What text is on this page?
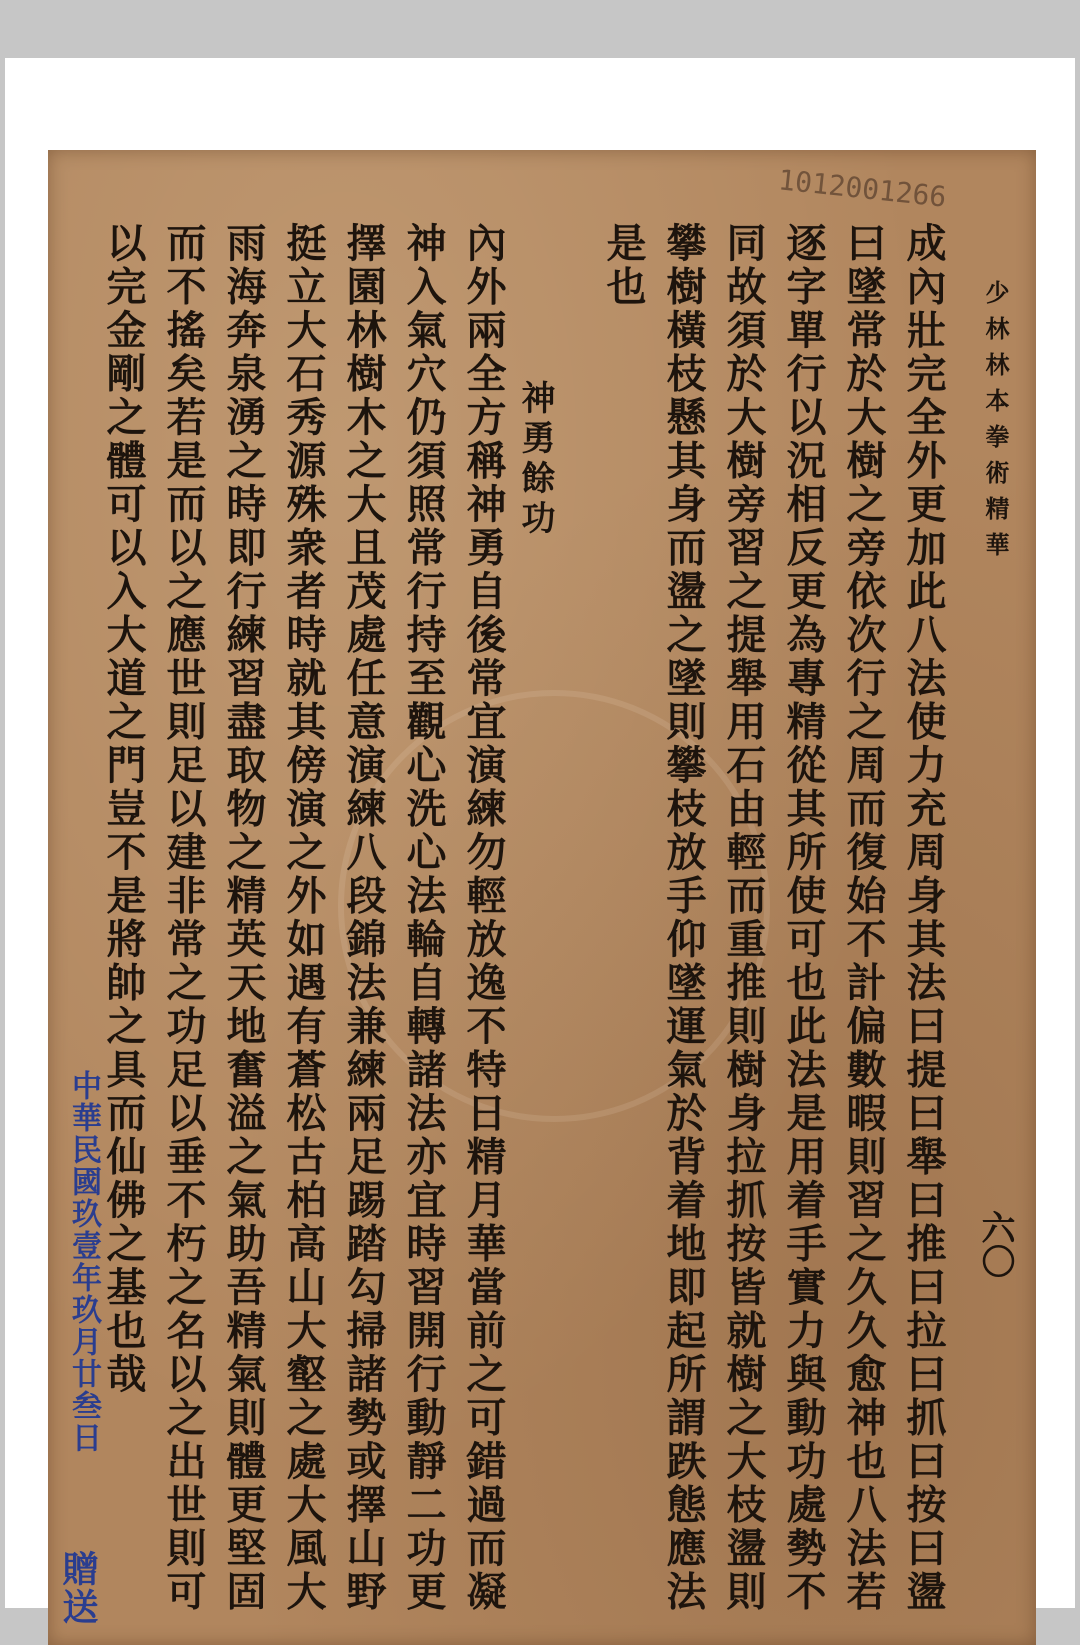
1012001266
少林林本拳術精華
六〇
成內壯完全外更加此八法使力充周身其法曰提曰舉曰推曰拉曰抓曰按曰盪
曰墜常於大樹之旁依次行之周而復始不計偏數暇則習之久久愈神也八法若
逐字單行以況相反更為專精從其所使可也此法是用着手實力與動功處勢不
同故須於大樹旁習之提舉用石由輕而重推則樹身拉抓按皆就樹之大枝盪則
攀樹橫枝懸其身而盪之墜則攀枝放手仰墜運氣於背着地即起所謂跌態應法
是也
神勇餘功
內外兩全方稱神勇自後常宜演練勿輕放逸不特日精月華當前之可錯過而凝
神入氣穴仍須照常行持至觀心洗心法輪自轉諸法亦宜時習開行動靜二功更
擇園林樹木之大且茂處任意演練八段錦法兼練兩足踢踏勾掃諸勢或擇山野
挺立大石秀源殊衆者時就其傍演之外如遇有蒼松古柏高山大壑之處大風大
雨海奔泉湧之時即行練習盡取物之精英天地奮溢之氣助吾精氣則體更堅固
而不搖矣若是而以之應世則足以建非常之功足以垂不朽之名以之出世則可
以完金剛之體可以入大道之門豈不是將帥之具而仙佛之基也哉
中華民國玖壹年玖月廿叁日
贈送
